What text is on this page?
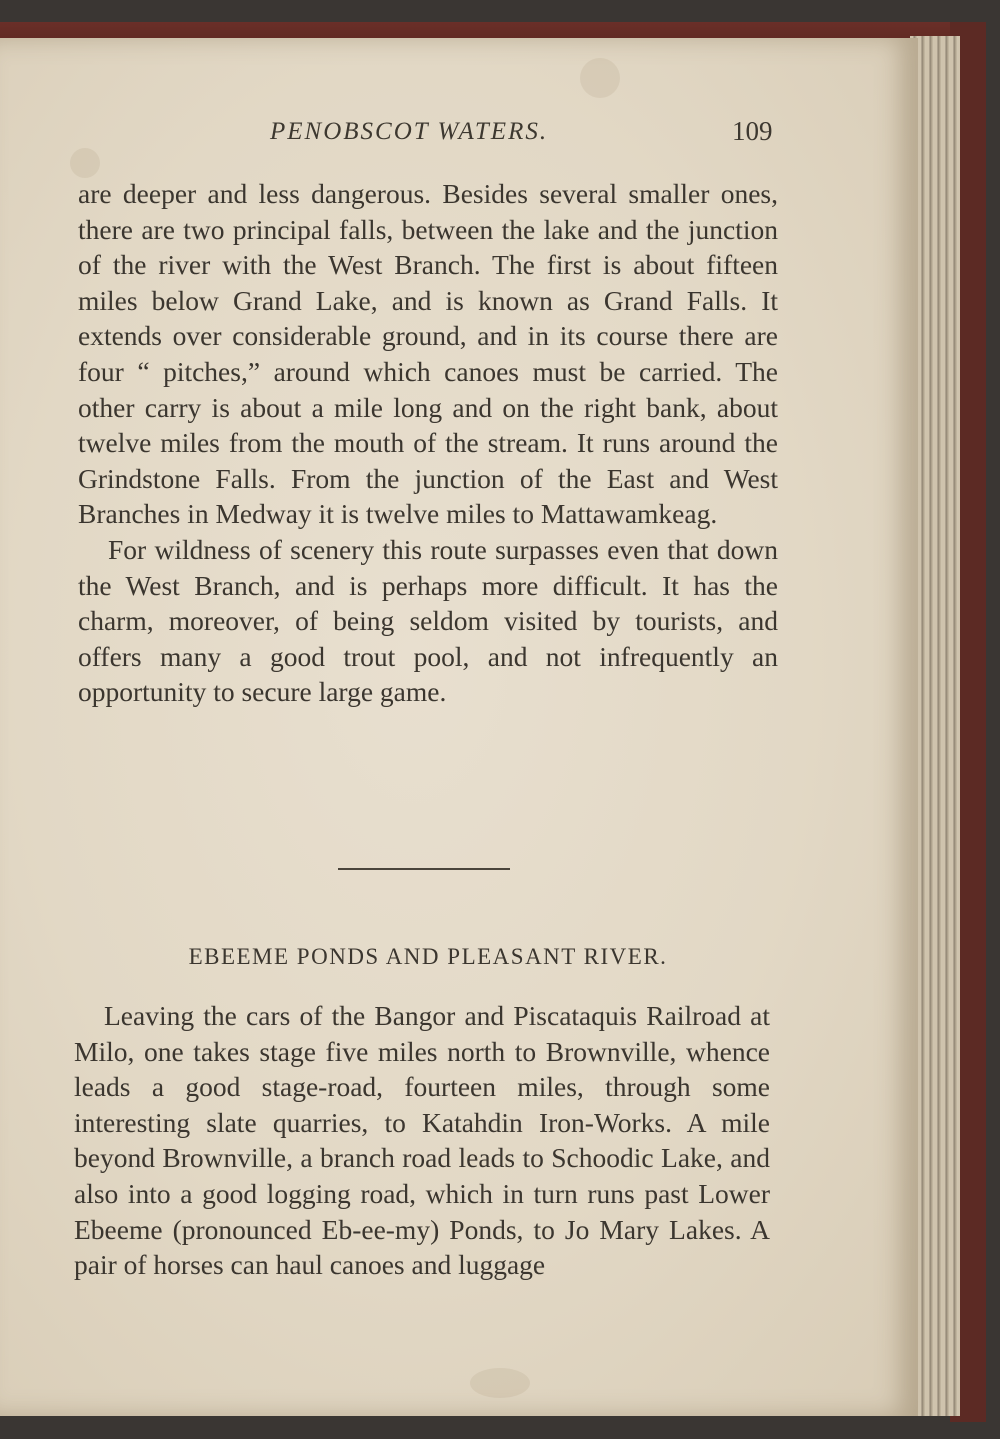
PENOBSCOT WATERS.	109

are deeper and less dangerous. Besides several smaller ones, there are two principal falls, between the lake and the junction of the river with the West Branch. The first is about fifteen miles below Grand Lake, and is known as Grand Falls. It extends over considerable ground, and in its course there are four “ pitches,” around which canoes must be carried. The other carry is about a mile long and on the right bank, about twelve miles from the mouth of the stream. It runs around the Grindstone Falls. From the junction of the East and West Branches in Medway it is twelve miles to Mattawamkeag.

For wildness of scenery this route surpasses even that down the West Branch, and is perhaps more difficult. It has the charm, moreover, of being seldom visited by tourists, and offers many a good trout pool, and not infrequently an opportunity to secure large game.

EBEEME PONDS AND PLEASANT RIVER.

Leaving the cars of the Bangor and Piscataquis Railroad at Milo, one takes stage five miles north to Brownville, whence leads a good stage-road, fourteen miles, through some interesting slate quarries, to Katahdin Iron-Works. A mile beyond Brownville, a branch road leads to Schoodic Lake, and also into a good logging road, which in turn runs past Lower Ebeeme (pronounced Eb-ee-my) Ponds, to Jo Mary Lakes. A pair of horses can haul canoes and luggage
